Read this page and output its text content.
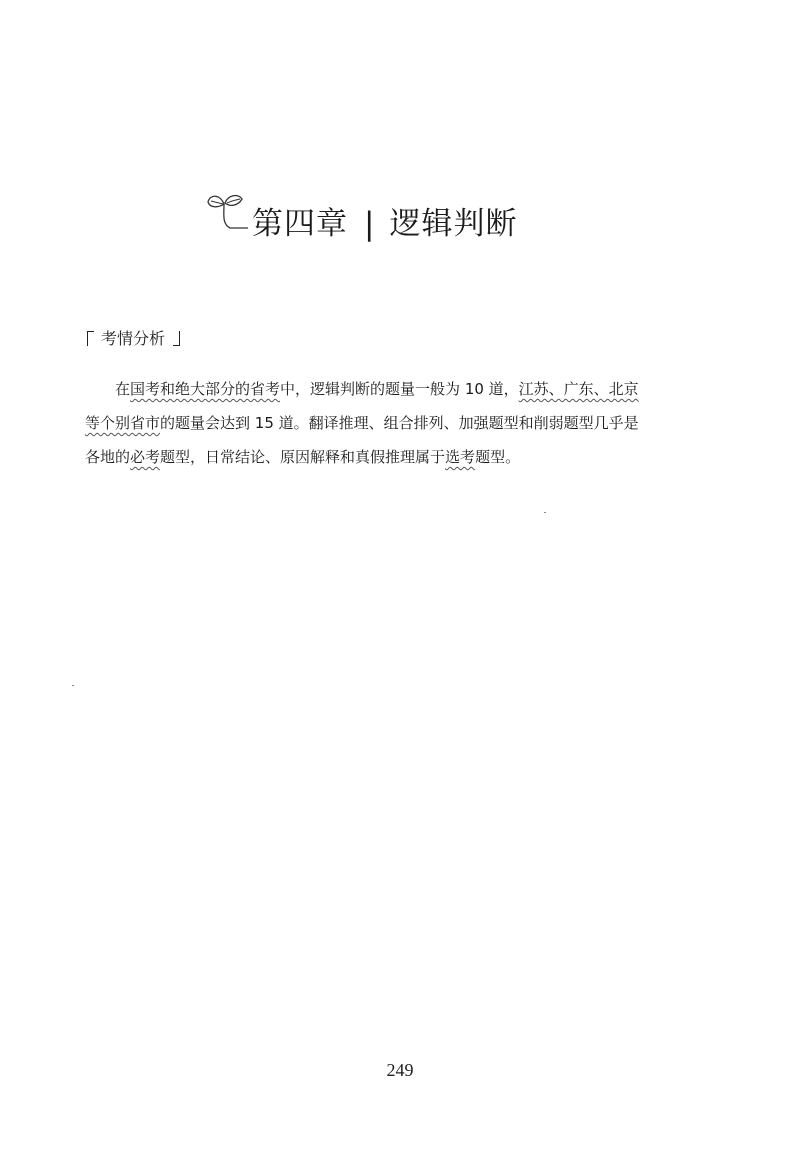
第四章 | 逻辑判断
考情分析
　　在国考和绝大部分的省考中，逻辑判断的题量一般为 10 道，江苏、广东、北京
等个别省市的题量会达到 15 道。翻译推理、组合排列、加强题型和削弱题型几乎是
各地的必考题型，日常结论、原因解释和真假推理属于选考题型。
249
